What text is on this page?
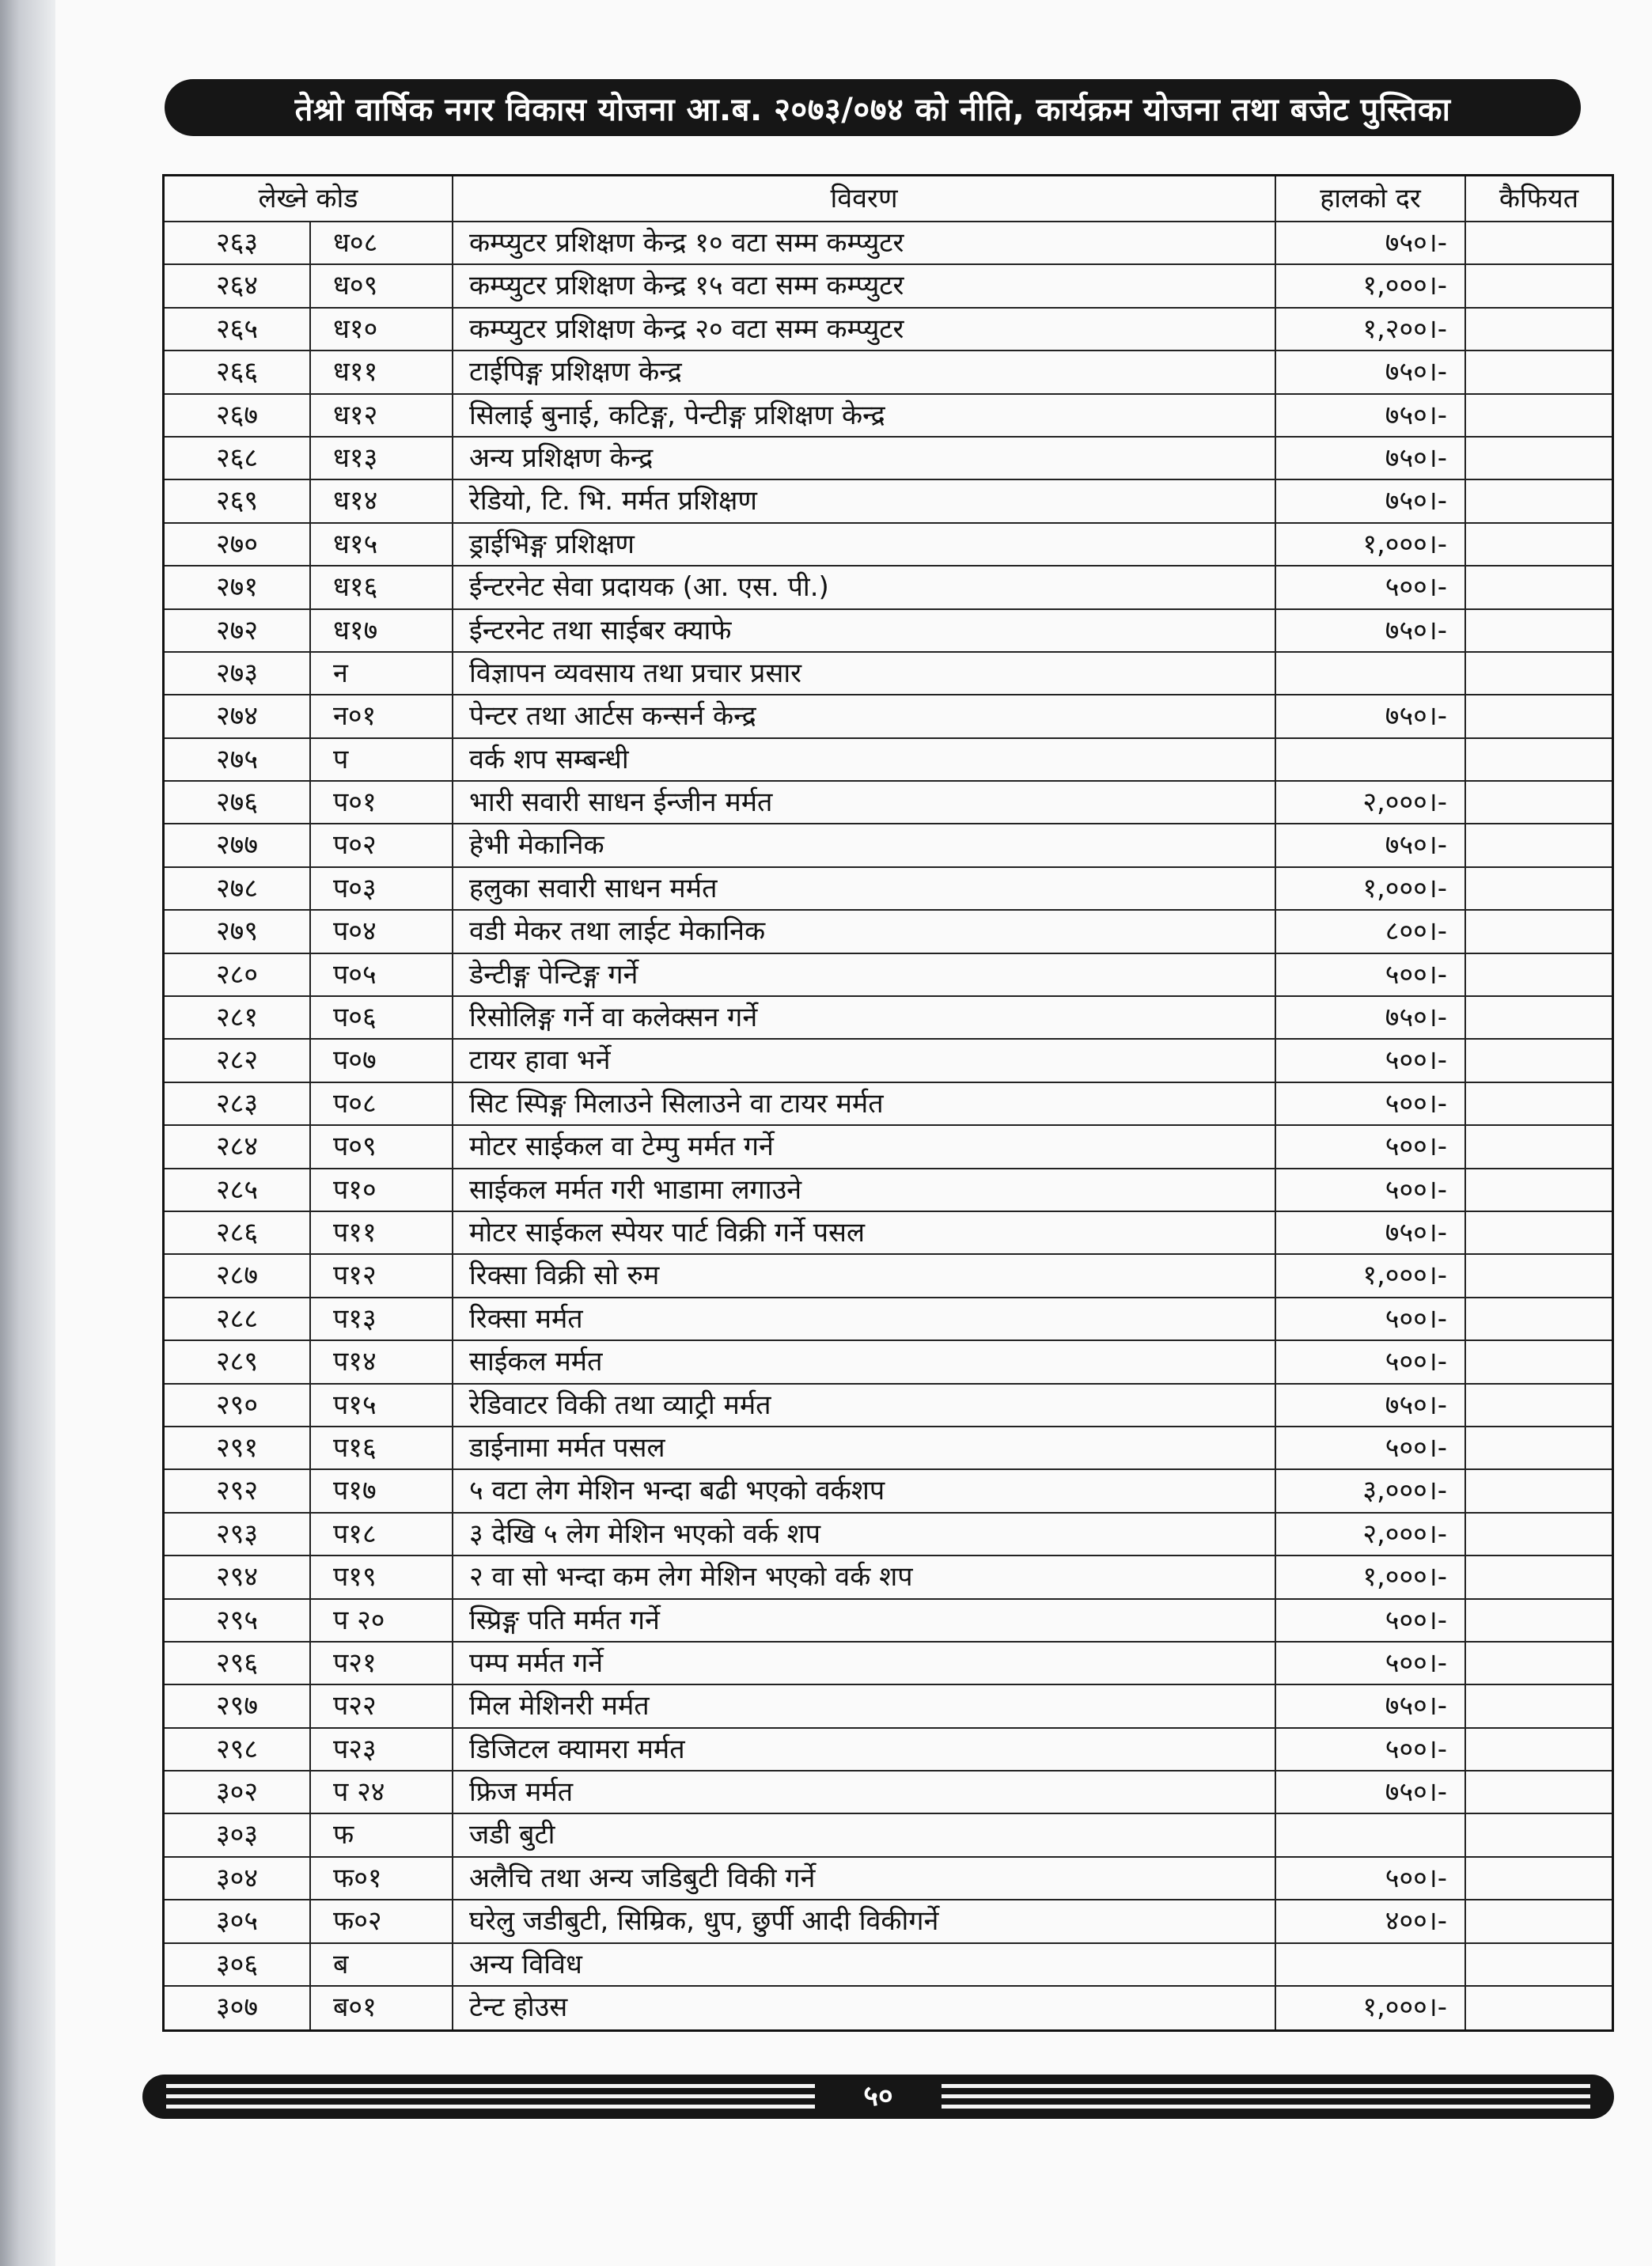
तेश्रो वार्षिक नगर विकास योजना आ.ब. २०७३/०७४ को नीति, कार्यक्रम योजना तथा बजेट पुस्तिका
लेख्ने कोड	विवरण	हालको दर	कैफियत
२६३	ध०८	कम्प्युटर प्रशिक्षण केन्द्र १० वटा सम्म कम्प्युटर	७५०।-
२६४	ध०९	कम्प्युटर प्रशिक्षण केन्द्र १५ वटा सम्म कम्प्युटर	१,०००।-
२६५	ध१०	कम्प्युटर प्रशिक्षण केन्द्र २० वटा सम्म कम्प्युटर	१,२००।-
२६६	ध११	टाईपिङ्ग प्रशिक्षण केन्द्र	७५०।-
२६७	ध१२	सिलाई बुनाई, कटिङ्ग, पेन्टीङ्ग प्रशिक्षण केन्द्र	७५०।-
२६८	ध१३	अन्य प्रशिक्षण केन्द्र	७५०।-
२६९	ध१४	रेडियो, टि. भि. मर्मत प्रशिक्षण	७५०।-
२७०	ध१५	ड्राईभिङ्ग प्रशिक्षण	१,०००।-
२७१	ध१६	ईन्टरनेट सेवा प्रदायक (आ. एस. पी.)	५००।-
२७२	ध१७	ईन्टरनेट तथा साईबर क्याफे	७५०।-
२७३	न	विज्ञापन व्यवसाय तथा प्रचार प्रसार
२७४	न०१	पेन्टर तथा आर्टस कन्सर्न केन्द्र	७५०।-
२७५	प	वर्क शप सम्बन्धी
२७६	प०१	भारी सवारी साधन ईन्जीन मर्मत	२,०००।-
२७७	प०२	हेभी मेकानिक	७५०।-
२७८	प०३	हलुका सवारी साधन मर्मत	१,०००।-
२७९	प०४	वडी मेकर तथा लाईट मेकानिक	८००।-
२८०	प०५	डेन्टीङ्ग पेन्टिङ्ग गर्ने	५००।-
२८१	प०६	रिसोलिङ्ग गर्ने वा कलेक्सन गर्ने	७५०।-
२८२	प०७	टायर हावा भर्ने	५००।-
२८३	प०८	सिट स्पिङ्ग मिलाउने सिलाउने वा टायर मर्मत	५००।-
२८४	प०९	मोटर साईकल वा टेम्पु मर्मत गर्ने	५००।-
२८५	प१०	साईकल मर्मत गरी भाडामा लगाउने	५००।-
२८६	प११	मोटर साईकल स्पेयर पार्ट विक्री गर्ने पसल	७५०।-
२८७	प१२	रिक्सा विक्री सो रुम	१,०००।-
२८८	प१३	रिक्सा मर्मत	५००।-
२८९	प१४	साईकल मर्मत	५००।-
२९०	प१५	रेडिवाटर विकी तथा व्याट्री मर्मत	७५०।-
२९१	प१६	डाईनामा मर्मत पसल	५००।-
२९२	प१७	५ वटा लेग मेशिन भन्दा बढी भएको वर्कशप	३,०००।-
२९३	प१८	३ देखि ५ लेग मेशिन भएको वर्क शप	२,०००।-
२९४	प१९	२ वा सो भन्दा कम लेग मेशिन भएको वर्क शप	१,०००।-
२९५	प २०	स्प्रिङ्ग पति मर्मत गर्ने	५००।-
२९६	प२१	पम्प मर्मत गर्ने	५००।-
२९७	प२२	मिल मेशिनरी मर्मत	७५०।-
२९८	प२३	डिजिटल क्यामरा मर्मत	५००।-
३०२	प २४	फ्रिज मर्मत	७५०।-
३०३	फ	जडी बुटी
३०४	फ०१	अलैचि तथा अन्य जडिबुटी विकी गर्ने	५००।-
३०५	फ०२	घरेलु जडीबुटी, सिम्रिक, धुप, छुर्पी आदी विकीगर्ने	४००।-
३०६	ब	अन्य विविध
३०७	ब०१	टेन्ट होउस	१,०००।-
५०
